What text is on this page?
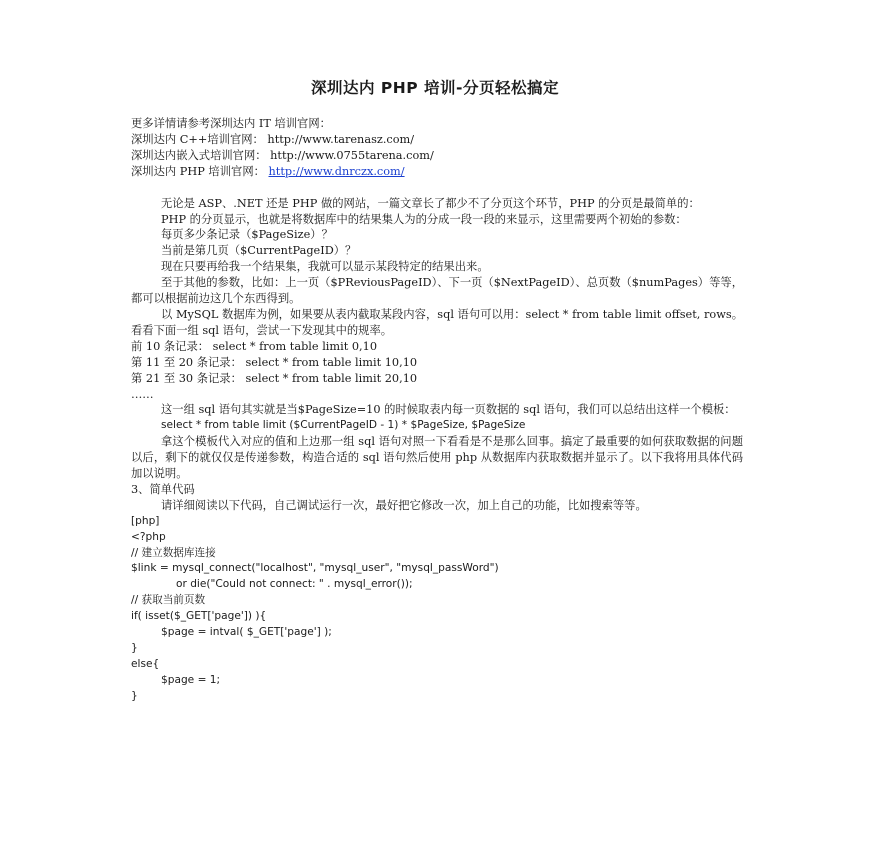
深圳达内 PHP 培训-分页轻松搞定
更多详情请参考深圳达内 IT 培训官网：
深圳达内 C++培训官网： http://www.tarenasz.com/
深圳达内嵌入式培训官网： http://www.0755tarena.com/
深圳达内 PHP 培训官网： http://www.dnrczx.com/
无论是 ASP、.NET 还是 PHP 做的网站，一篇文章长了都少不了分页这个环节，PHP 的分页是最简单的：
PHP 的分页显示，也就是将数据库中的结果集人为的分成一段一段的来显示，这里需要两个初始的参数：
每页多少条记录（$PageSize）？
当前是第几页（$CurrentPageID）？
现在只要再给我一个结果集，我就可以显示某段特定的结果出来。
至于其他的参数，比如：上一页（$PReviousPageID）、下一页（$NextPageID）、总页数（$numPages）等等，都可以根据前边这几个东西得到。
以 MySQL 数据库为例，如果要从表内截取某段内容，sql 语句可以用：select * from table limit offset, rows。看看下面一组 sql 语句，尝试一下发现其中的规率。
前 10 条记录： select * from table limit 0,10
第 11 至 20 条记录： select * from table limit 10,10
第 21 至 30 条记录： select * from table limit 20,10
……
这一组 sql 语句其实就是当$PageSize=10 的时候取表内每一页数据的 sql 语句，我们可以总结出这样一个模板：
select * from table limit ($CurrentPageID - 1) * $PageSize, $PageSize
拿这个模板代入对应的值和上边那一组 sql 语句对照一下看看是不是那么回事。搞定了最重要的如何获取数据的问题以后，剩下的就仅仅是传递参数，构造合适的 sql 语句然后使用 php 从数据库内获取数据并显示了。以下我将用具体代码加以说明。
3、简单代码
请详细阅读以下代码，自己调试运行一次，最好把它修改一次，加上自己的功能，比如搜索等等。
[php]
<?php
// 建立数据库连接
$link = mysql_connect("localhost", "mysql_user", "mysql_passWord")
or die("Could not connect: " . mysql_error());
// 获取当前页数
if( isset($_GET['page']) ){
$page = intval( $_GET['page'] );
}
else{
$page = 1;
}
